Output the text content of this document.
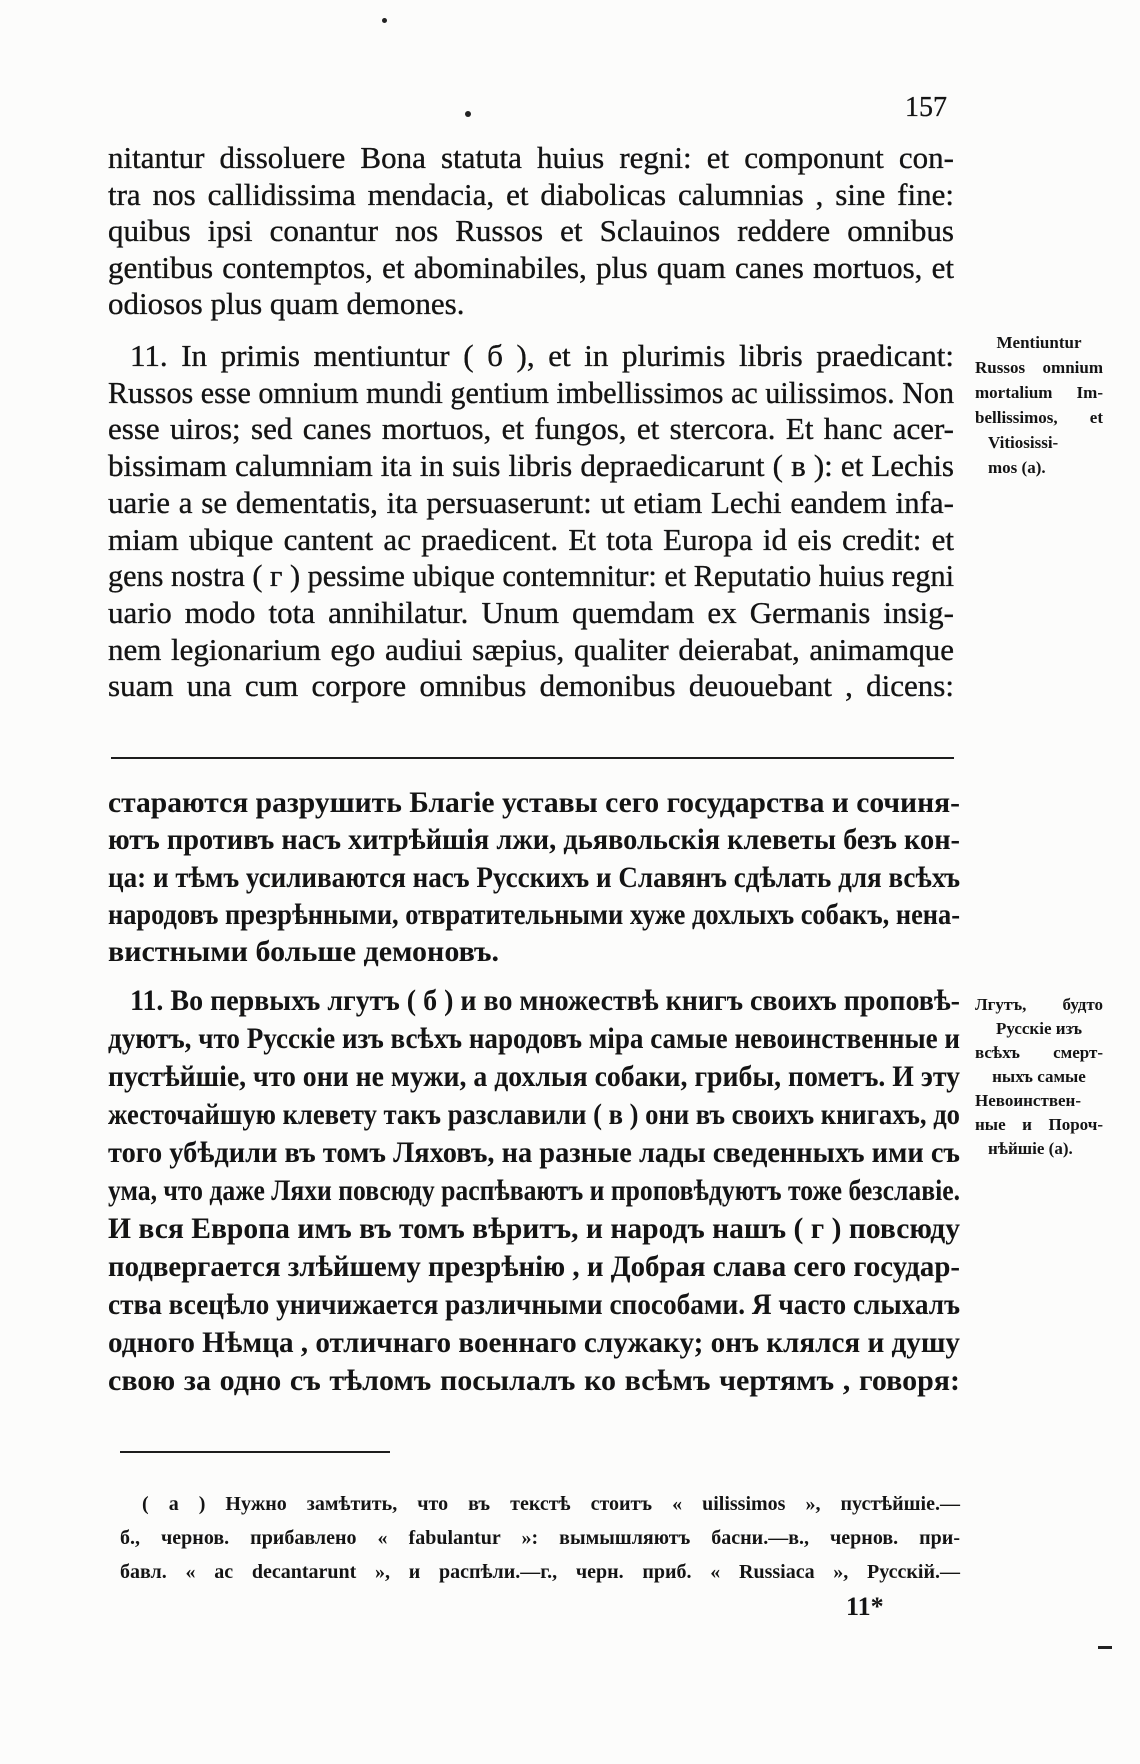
157
nitantur dissoluere Bona statuta huius regni: et componunt con-
tra nos callidissima mendacia, et diabolicas calumnias , sine fine:
quibus ipsi conantur nos Russos et Sclauinos reddere omnibus
gentibus contemptos, et abominabiles, plus quam canes mortuos, et
odiosos plus quam demones.
11. In primis mentiuntur ( б ), et in plurimis libris praedicant:
Russos esse omnium mundi gentium imbellissimos ac uilissimos. Non
esse uiros; sed canes mortuos, et fungos, et stercora. Et hanc acer-
bissimam calumniam ita in suis libris depraedicarunt ( в ): et Lechis
uarie a se dementatis, ita persuaserunt: ut etiam Lechi eandem infa-
miam ubique cantent ac praedicent. Et tota Europa id eis credit: et
gens nostra ( г ) pessime ubique contemnitur: et Reputatio huius regni
uario modo tota annihilatur. Unum quemdam ex Germanis insig-
nem legionarium ego audiui sæpius, qualiter deierabat, animamque
suam una cum corpore omnibus demonibus deuouebant , dicens:
Mentiuntur
Russos omnium
mortalium Im-
bellissimos, et
Vitiosissi-
mos (а).
стараются разрушить Благіе уставы сего государства и сочиня-
ютъ противъ насъ хитрѣйшія лжи, дьявольскія клеветы безъ кон-
ца: и тѣмъ усиливаются насъ Русскихъ и Славянъ сдѣлать для всѣхъ
народовъ презрѣнными, отвратительными хуже дохлыхъ собакъ, нена-
вистными больше демоновъ.
11. Во первыхъ лгутъ ( б ) и во множествѣ книгъ своихъ проповѣ-
дуютъ, что Русскіе изъ всѣхъ народовъ міра самые невоинственные и
пустѣйшіе, что они не мужи, а дохлыя собаки, грибы, пометъ. И эту
жесточайшую клевету такъ разславили ( в ) они въ своихъ книгахъ, до
того убѣдили въ томъ Ляховъ, на разные лады сведенныхъ ими съ
ума, что даже Ляхи повсюду распѣваютъ и проповѣдуютъ тоже безславіе.
И вся Европа имъ въ томъ вѣритъ, и народъ нашъ ( г ) повсюду
подвергается злѣйшему презрѣнію , и Добрая слава сего государ-
ства всецѣло уничижается различными способами. Я часто слыхалъ
одного Нѣмца , отличнаго военнаго служаку; онъ клялся и душу
свою за одно съ тѣломъ посылалъ ко всѣмъ чертямъ , говоря:
Лгутъ, будто
Русскіе изъ
всѣхъ смерт-
ныхъ самые
Невоинствен-
ные и Пороч-
нѣйшіе (а).
( а ) Нужно замѣтить, что въ текстѣ стоитъ « uilissimos », пустѣйшіе.—
б., чернов. прибавлено « fabulantur »: вымышляютъ басни.—в., чернов. при-
бавл. « ac decantarunt », и распѣли.—г., черн. приб. « Russiaca », Русскій.—
11*
